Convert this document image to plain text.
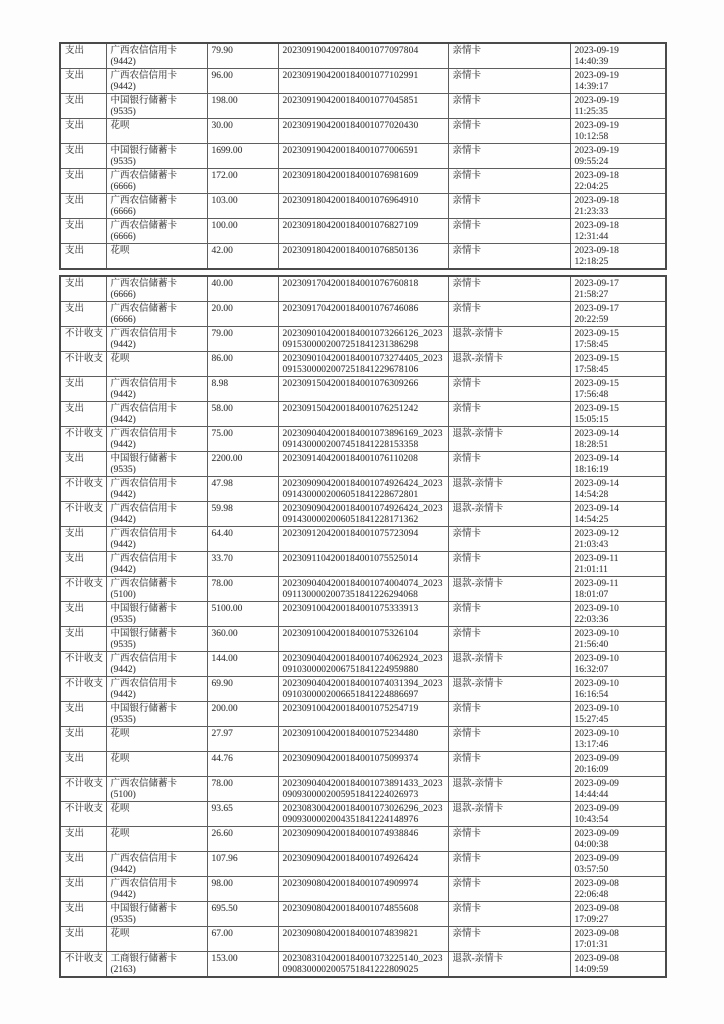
支出	广西农信信用卡
(9442)	79.90	2023091904200184001077097804	亲情卡	2023-09-19
14:40:39

支出	广西农信信用卡
(9442)	96.00	2023091904200184001077102991	亲情卡	2023-09-19
14:39:17

支出	中国银行储蓄卡
(9535)	198.00	2023091904200184001077045851	亲情卡	2023-09-19
11:25:35

支出	花呗	30.00	2023091904200184001077020430	亲情卡	2023-09-19
10:12:58

支出	中国银行储蓄卡
(9535)	1699.00	2023091904200184001077006591	亲情卡	2023-09-19
09:55:24

支出	广西农信储蓄卡
(6666)	172.00	2023091804200184001076981609	亲情卡	2023-09-18
22:04:25

支出	广西农信储蓄卡
(6666)	103.00	2023091804200184001076964910	亲情卡	2023-09-18
21:23:33

支出	广西农信储蓄卡
(6666)	100.00	2023091804200184001076827109	亲情卡	2023-09-18
12:31:44

支出	花呗	42.00	2023091804200184001076850136	亲情卡	2023-09-18
12:18:25
支出	广西农信储蓄卡
(6666)	40.00	2023091704200184001076760818	亲情卡	2023-09-17
21:58:27

支出	广西农信储蓄卡
(6666)	20.00	2023091704200184001076746086	亲情卡	2023-09-17
20:22:59

不计收支	广西农信信用卡
(9442)	79.00	2023090104200184001073266126_2023
0915300002007251841231386298	退款-亲情卡	2023-09-15
17:58:45

不计收支	花呗	86.00	2023090104200184001073274405_2023
0915300002007251841229678106	退款-亲情卡	2023-09-15
17:58:45

支出	广西农信信用卡
(9442)	8.98	2023091504200184001076309266	亲情卡	2023-09-15
17:56:48

支出	广西农信信用卡
(9442)	58.00	2023091504200184001076251242	亲情卡	2023-09-15
15:05:15

不计收支	广西农信信用卡
(9442)	75.00	2023090404200184001073896169_2023
0914300002007451841228153358	退款-亲情卡	2023-09-14
18:28:51

支出	中国银行储蓄卡
(9535)	2200.00	2023091404200184001076110208	亲情卡	2023-09-14
18:16:19

不计收支	广西农信信用卡
(9442)	47.98	2023090904200184001074926424_2023
0914300002006051841228672801	退款-亲情卡	2023-09-14
14:54:28

不计收支	广西农信信用卡
(9442)	59.98	2023090904200184001074926424_2023
0914300002006051841228171362	退款-亲情卡	2023-09-14
14:54:25

支出	广西农信信用卡
(9442)	64.40	2023091204200184001075723094	亲情卡	2023-09-12
21:03:43

支出	广西农信信用卡
(9442)	33.70	2023091104200184001075525014	亲情卡	2023-09-11
21:01:11

不计收支	广西农信储蓄卡
(5100)	78.00	2023090404200184001074004074_2023
0911300002007351841226294068	退款-亲情卡	2023-09-11
18:01:07

支出	中国银行储蓄卡
(9535)	5100.00	2023091004200184001075333913	亲情卡	2023-09-10
22:03:36

支出	中国银行储蓄卡
(9535)	360.00	2023091004200184001075326104	亲情卡	2023-09-10
21:56:40

不计收支	广西农信信用卡
(9442)	144.00	2023090404200184001074062924_2023
0910300002006751841224959880	退款-亲情卡	2023-09-10
16:32:07

不计收支	广西农信信用卡
(9442)	69.90	2023090404200184001074031394_2023
0910300002006651841224886697	退款-亲情卡	2023-09-10
16:16:54

支出	中国银行储蓄卡
(9535)	200.00	2023091004200184001075254719	亲情卡	2023-09-10
15:27:45

支出	花呗	27.97	2023091004200184001075234480	亲情卡	2023-09-10
13:17:46

支出	花呗	44.76	2023090904200184001075099374	亲情卡	2023-09-09
20:16:09

不计收支	广西农信储蓄卡
(5100)	78.00	2023090404200184001073891433_2023
0909300002005951841224026973	退款-亲情卡	2023-09-09
14:44:44

不计收支	花呗	93.65	2023083004200184001073026296_2023
0909300002004351841224148976	退款-亲情卡	2023-09-09
10:43:54

支出	花呗	26.60	2023090904200184001074938846	亲情卡	2023-09-09
04:00:38

支出	广西农信信用卡
(9442)	107.96	2023090904200184001074926424	亲情卡	2023-09-09
03:57:50

支出	广西农信信用卡
(9442)	98.00	2023090804200184001074909974	亲情卡	2023-09-08
22:06:48

支出	中国银行储蓄卡
(9535)	695.50	2023090804200184001074855608	亲情卡	2023-09-08
17:09:27

支出	花呗	67.00	2023090804200184001074839821	亲情卡	2023-09-08
17:01:31

不计收支	工商银行储蓄卡
(2163)	153.00	2023083104200184001073225140_2023
0908300002005751841222809025	退款-亲情卡	2023-09-08
14:09:59
